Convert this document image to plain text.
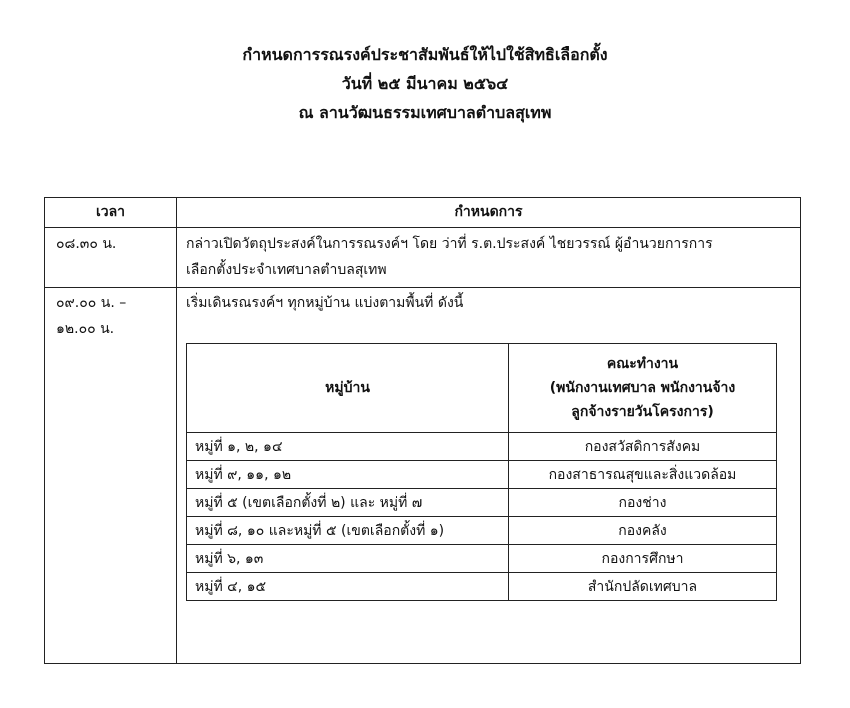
กำหนดการรณรงค์ประชาสัมพันธ์ให้ไปใช้สิทธิเลือกตั้ง
วันที่ ๒๕ มีนาคม ๒๕๖๔
ณ ลานวัฒนธรรมเทศบาลตำบลสุเทพ
เวลา	กำหนดการ
๐๘.๓๐ น.	กล่าวเปิดวัตถุประสงค์ในการรณรงค์ฯ โดย ว่าที่ ร.ต.ประสงค์ ไชยวรรณ์ ผู้อำนวยการการ
เลือกตั้งประจำเทศบาลตำบลสุเทพ
๐๙.๐๐ น. –
๑๒.๐๐ น.
เริ่มเดินรณรงค์ฯ ทุกหมู่บ้าน แบ่งตามพื้นที่ ดังนี้
หมู่บ้าน	คณะทำงาน
(พนักงานเทศบาล พนักงานจ้าง
ลูกจ้างรายวันโครงการ)

หมู่ที่ ๑, ๒, ๑๔	กองสวัสดิการสังคม
หมู่ที่ ๙, ๑๑, ๑๒	กองสาธารณสุขและสิ่งแวดล้อม
หมู่ที่ ๕ (เขตเลือกตั้งที่ ๒) และ หมู่ที่ ๗	กองช่าง
หมู่ที่ ๘, ๑๐ และหมู่ที่ ๕ (เขตเลือกตั้งที่ ๑)	กองคลัง
หมู่ที่ ๖, ๑๓	กองการศึกษา
หมู่ที่ ๔, ๑๕	สำนักปลัดเทศบาล
